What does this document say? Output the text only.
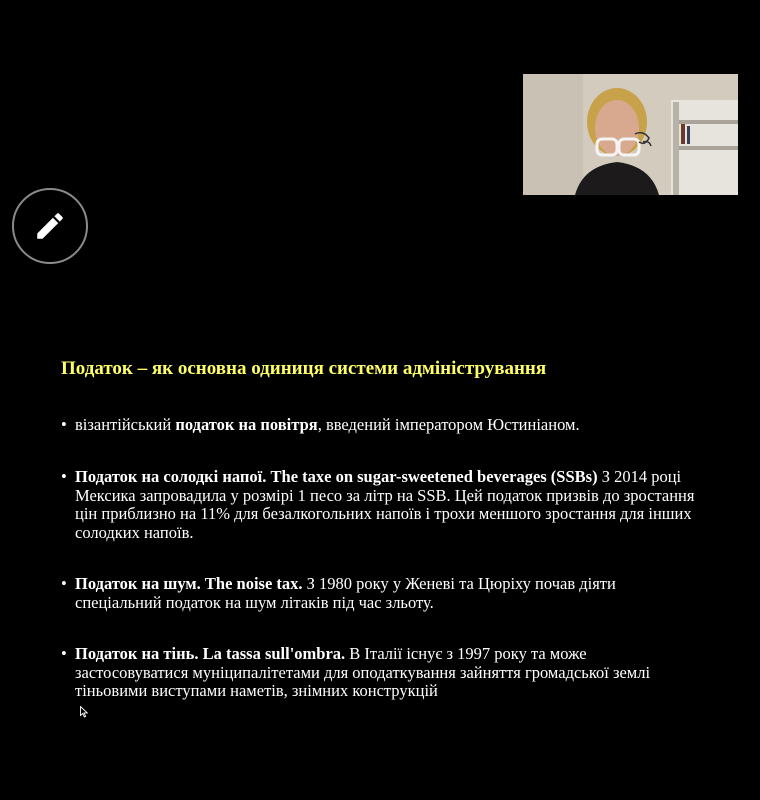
Податок – як основна одиниця системи адміністрування
• візантійський податок на повітря, введений імператором Юстиніаном.
• Податок на солодкі напої. The taxe on sugar-sweetened beverages (SSBs) З 2014 році Мексика запровадила у розмірі 1 песо за літр на SSB. Цей податок призвів до зростання цін приблизно на 11% для безалкогольних напоїв і трохи меншого зростання для інших солодких напоїв.
• Податок на шум. The noise tax. З 1980 року у Женеві та Цюріху почав діяти спеціальний податок на шум літаків під час зльоту.
• Податок на тінь. La tassa sull'ombra. В Італії існує з 1997 року та може застосовуватися муніципалітетами для оподаткування зайняття громадської землі тіньовими виступами наметів, знімних конструкцій
